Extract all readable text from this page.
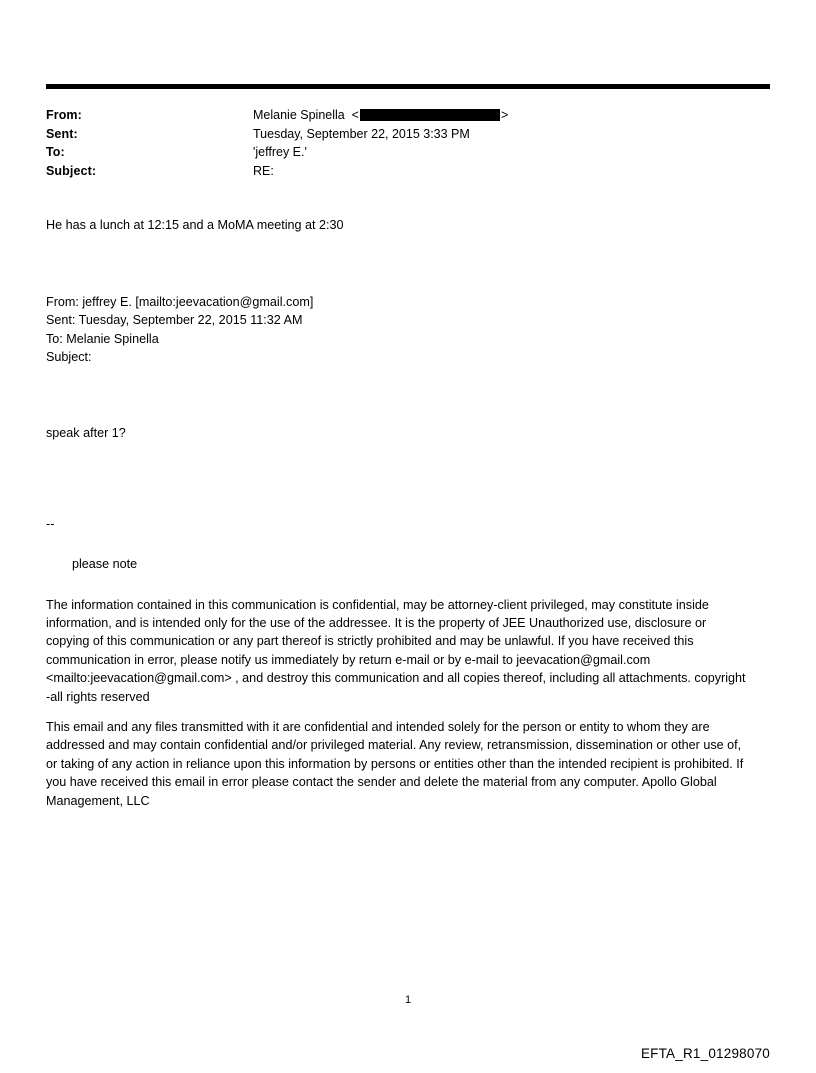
From:	Melanie Spinella  <	>
Sent:	Tuesday, September 22, 2015 3:33 PM
To:	'jeffrey E.'
Subject:	RE:
He has a lunch at 12:15 and a MoMA meeting at 2:30
From: jeffrey E. [mailto:jeevacation@gmail.com]
Sent: Tuesday, September 22, 2015 11:32 AM
To: Melanie Spinella
Subject:
speak after 1?
--
please note
The information contained in this communication is confidential, may be attorney-client privileged, may constitute inside information, and is intended only for the use of the addressee. It is the property of JEE Unauthorized use, disclosure or copying of this communication or any part thereof is strictly prohibited and may be unlawful. If you have received this communication in error, please notify us immediately by return e-mail or by e-mail to jeevacation@gmail.com <mailto:jeevacation@gmail.com> , and destroy this communication and all copies thereof, including all attachments. copyright -all rights reserved
This email and any files transmitted with it are confidential and intended solely for the person or entity to whom they are addressed and may contain confidential and/or privileged material. Any review, retransmission, dissemination or other use of, or taking of any action in reliance upon this information by persons or entities other than the intended recipient is prohibited. If you have received this email in error please contact the sender and delete the material from any computer. Apollo Global Management, LLC
1
EFTA_R1_01298070
